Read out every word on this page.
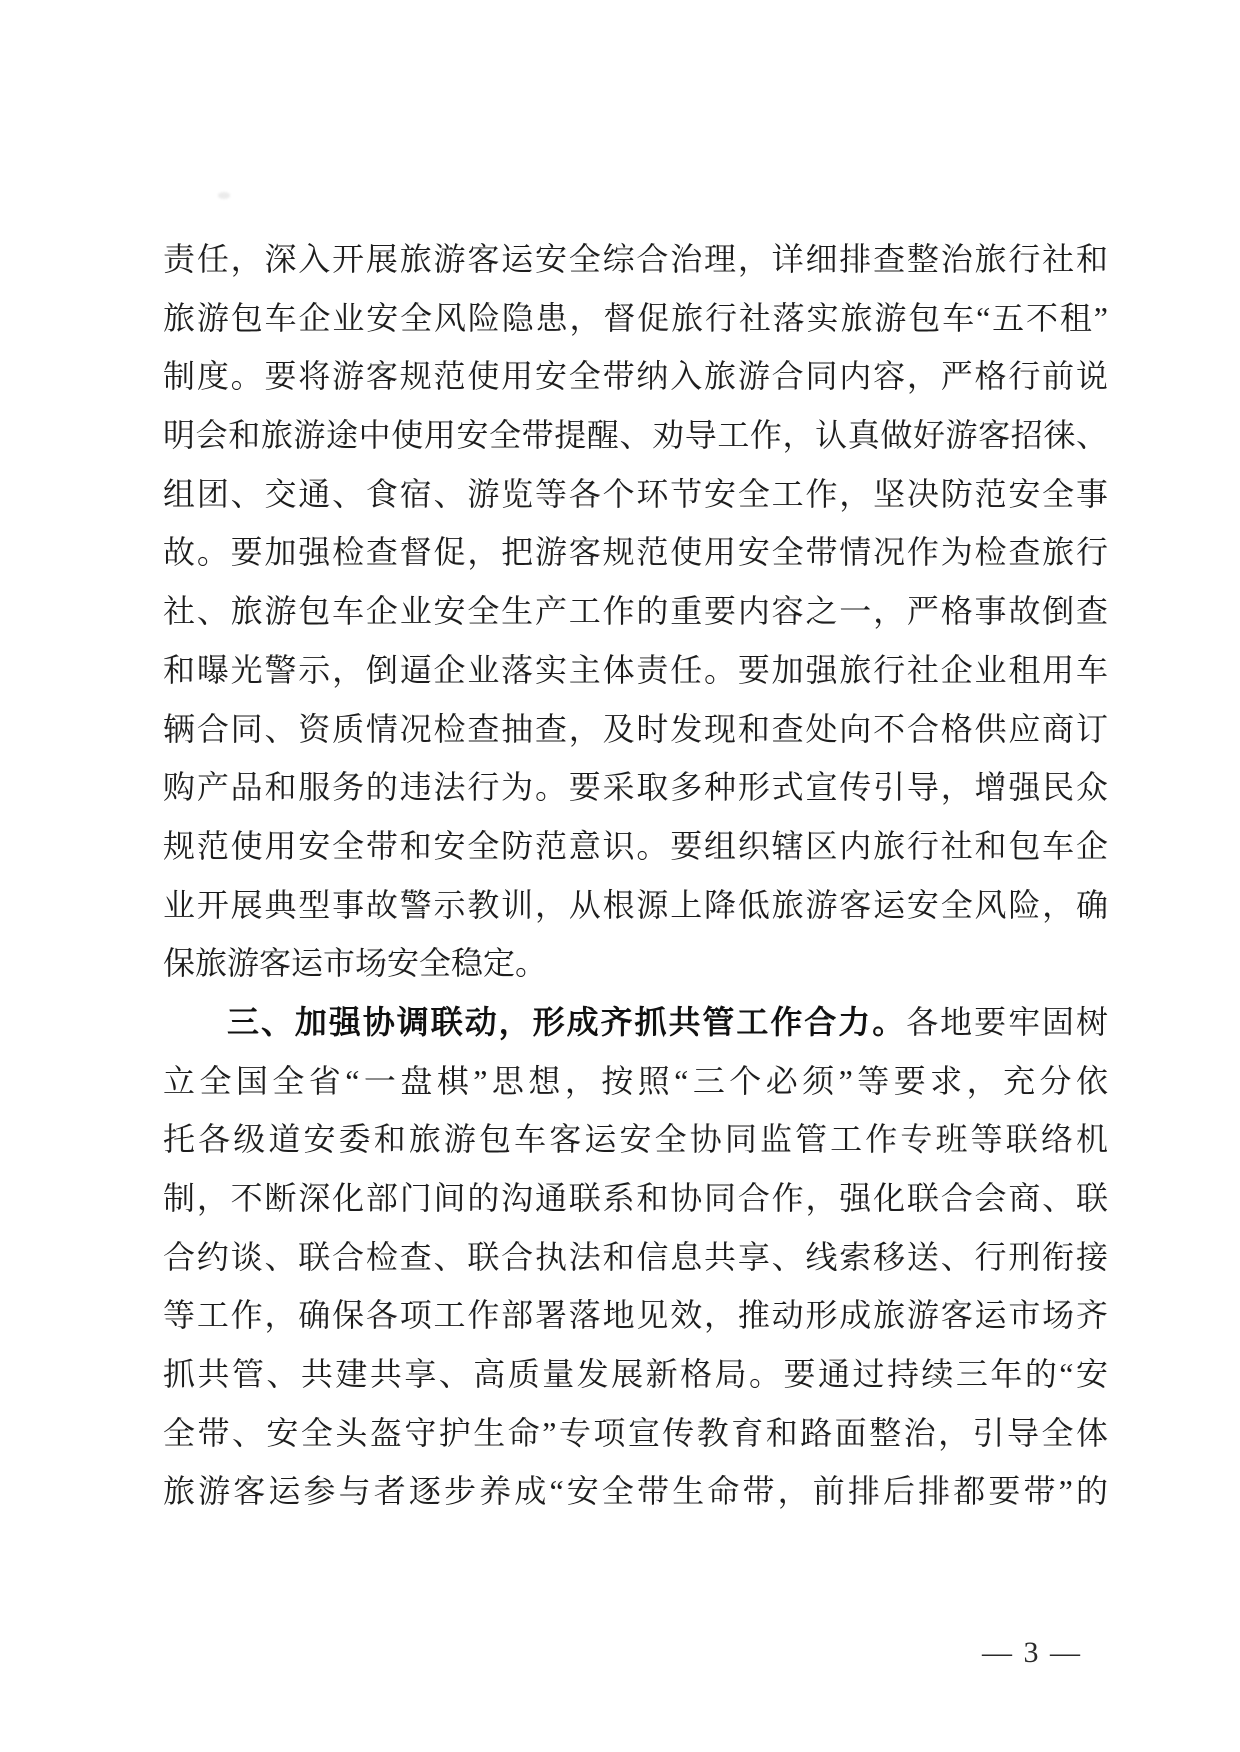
责任，深入开展旅游客运安全综合治理，详细排查整治旅行社和
旅游包车企业安全风险隐患，督促旅行社落实旅游包车“五不租”
制度。要将游客规范使用安全带纳入旅游合同内容，严格行前说
明会和旅游途中使用安全带提醒、劝导工作，认真做好游客招徕、
组团、交通、食宿、游览等各个环节安全工作，坚决防范安全事
故。要加强检查督促，把游客规范使用安全带情况作为检查旅行
社、旅游包车企业安全生产工作的重要内容之一，严格事故倒查
和曝光警示，倒逼企业落实主体责任。要加强旅行社企业租用车
辆合同、资质情况检查抽查，及时发现和查处向不合格供应商订
购产品和服务的违法行为。要采取多种形式宣传引导，增强民众
规范使用安全带和安全防范意识。要组织辖区内旅行社和包车企
业开展典型事故警示教训，从根源上降低旅游客运安全风险，确
保旅游客运市场安全稳定。
三、加强协调联动，形成齐抓共管工作合力。各地要牢固树
立全国全省“一盘棋”思想，按照“三个必须”等要求，充分依
托各级道安委和旅游包车客运安全协同监管工作专班等联络机
制，不断深化部门间的沟通联系和协同合作，强化联合会商、联
合约谈、联合检查、联合执法和信息共享、线索移送、行刑衔接
等工作，确保各项工作部署落地见效，推动形成旅游客运市场齐
抓共管、共建共享、高质量发展新格局。要通过持续三年的“安
全带、安全头盔守护生命”专项宣传教育和路面整治，引导全体
旅游客运参与者逐步养成“安全带生命带，前排后排都要带”的
— 3 —
